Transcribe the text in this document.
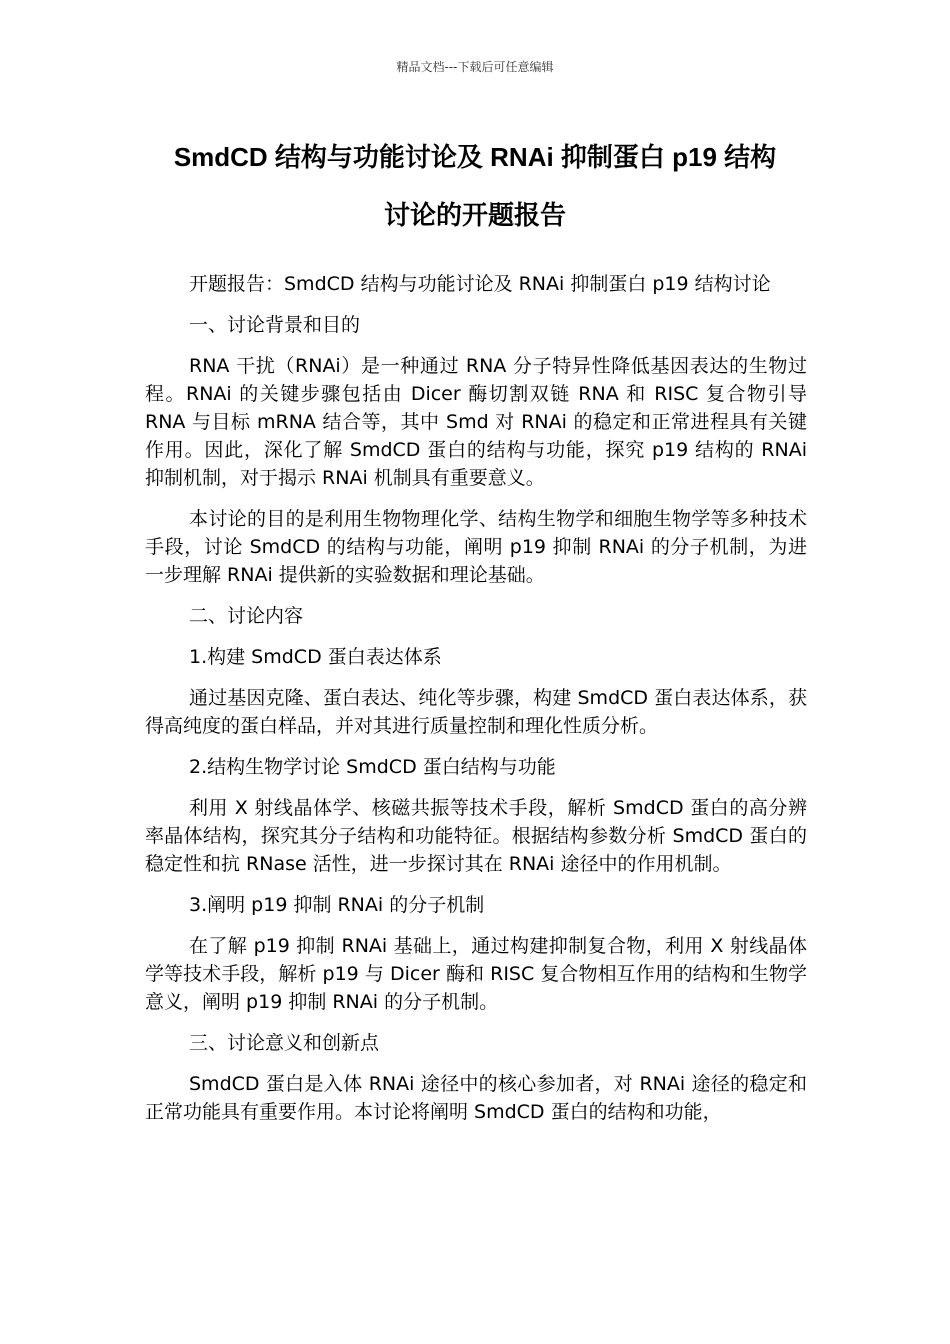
精品文档---下载后可任意编辑
SmdCD 结构与功能讨论及 RNAi 抑制蛋白 p19 结构
讨论的开题报告

开题报告：SmdCD 结构与功能讨论及 RNAi 抑制蛋白 p19 结构讨论

一、讨论背景和目的

RNA 干扰（RNAi）是一种通过 RNA 分子特异性降低基因表达的生物过程。RNAi 的关键步骤包括由 Dicer 酶切割双链 RNA 和 RISC 复合物引导 RNA 与目标 mRNA 结合等，其中 Smd 对 RNAi 的稳定和正常进程具有关键作用。因此，深化了解 SmdCD 蛋白的结构与功能，探究 p19 结构的 RNAi 抑制机制，对于揭示 RNAi 机制具有重要意义。

本讨论的目的是利用生物物理化学、结构生物学和细胞生物学等多种技术手段，讨论 SmdCD 的结构与功能，阐明 p19 抑制 RNAi 的分子机制，为进一步理解 RNAi 提供新的实验数据和理论基础。

二、讨论内容

1.构建 SmdCD 蛋白表达体系

通过基因克隆、蛋白表达、纯化等步骤，构建 SmdCD 蛋白表达体系，获得高纯度的蛋白样品，并对其进行质量控制和理化性质分析。

2.结构生物学讨论 SmdCD 蛋白结构与功能

利用 X 射线晶体学、核磁共振等技术手段，解析 SmdCD 蛋白的高分辨率晶体结构，探究其分子结构和功能特征。根据结构参数分析 SmdCD 蛋白的稳定性和抗 RNase 活性，进一步探讨其在 RNAi 途径中的作用机制。

3.阐明 p19 抑制 RNAi 的分子机制

在了解 p19 抑制 RNAi 基础上，通过构建抑制复合物，利用 X 射线晶体学等技术手段，解析 p19 与 Dicer 酶和 RISC 复合物相互作用的结构和生物学意义，阐明 p19 抑制 RNAi 的分子机制。

三、讨论意义和创新点

SmdCD 蛋白是入体 RNAi 途径中的核心参加者，对 RNAi 途径的稳定和正常功能具有重要作用。本讨论将阐明 SmdCD 蛋白的结构和功能，
